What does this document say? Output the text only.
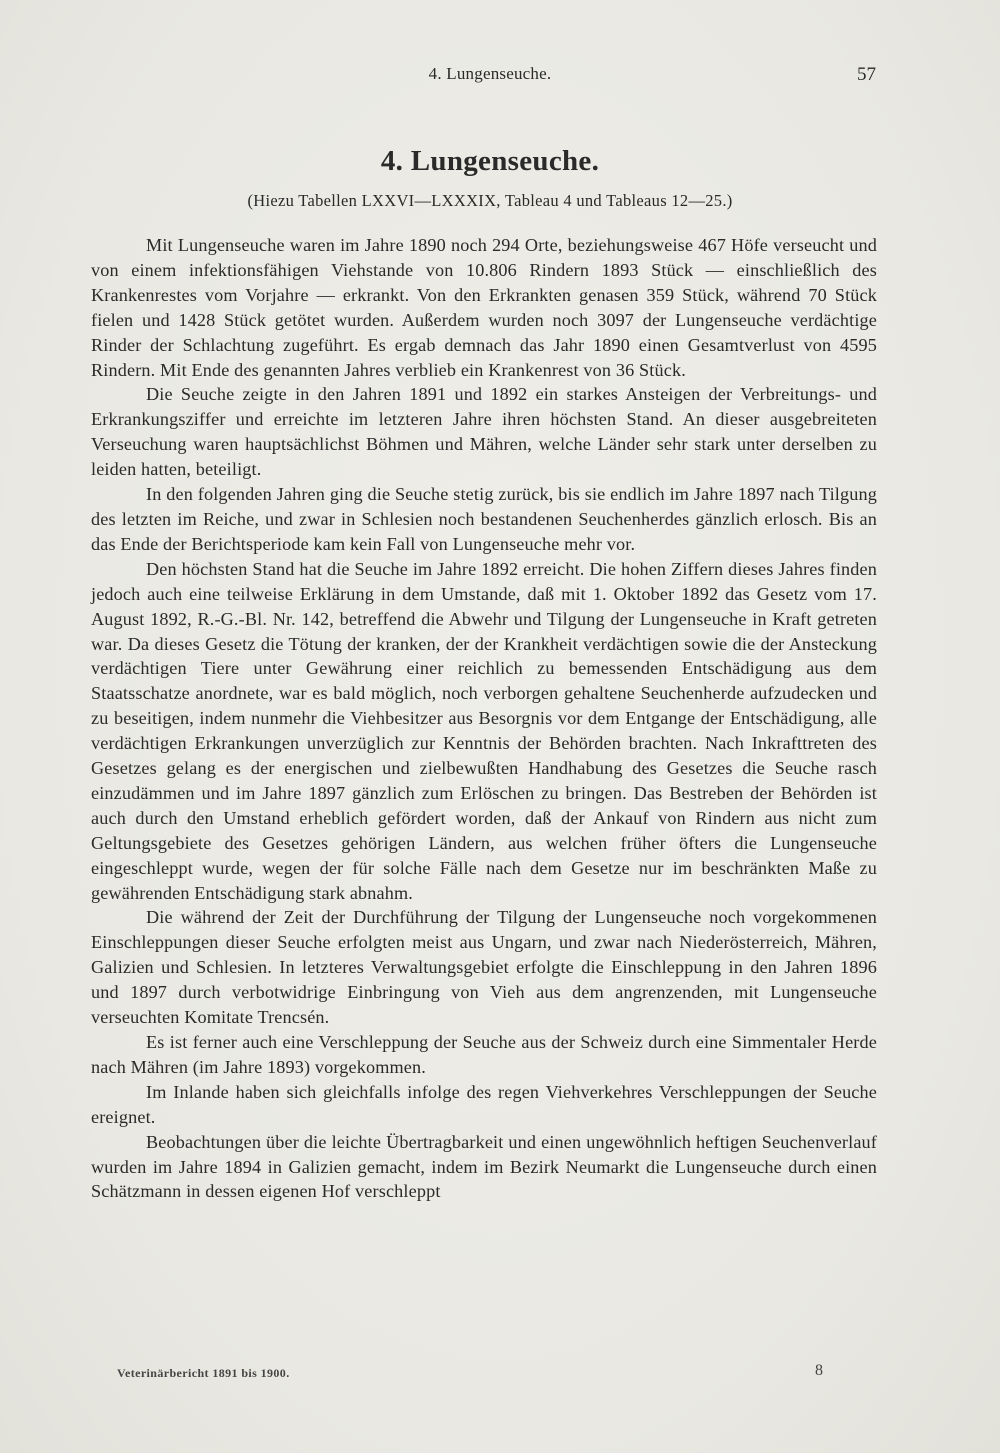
4. Lungenseuche.	57
4. Lungenseuche.
(Hiezu Tabellen LXXVI—LXXXIX, Tableau 4 und Tableaus 12—25.)

Mit Lungenseuche waren im Jahre 1890 noch 294 Orte, beziehungsweise 467 Höfe verseucht und von einem infektionsfähigen Viehstande von 10.806 Rindern 1893 Stück — einschließlich des Krankenrestes vom Vorjahre — erkrankt. Von den Erkrankten genasen 359 Stück, während 70 Stück fielen und 1428 Stück getötet wurden. Außerdem wurden noch 3097 der Lungenseuche verdächtige Rinder der Schlachtung zugeführt. Es ergab demnach das Jahr 1890 einen Gesamtverlust von 4595 Rindern. Mit Ende des genannten Jahres verblieb ein Krankenrest von 36 Stück.

Die Seuche zeigte in den Jahren 1891 und 1892 ein starkes Ansteigen der Verbreitungs- und Erkrankungsziffer und erreichte im letzteren Jahre ihren höchsten Stand. An dieser ausgebreiteten Verseuchung waren hauptsächlichst Böhmen und Mähren, welche Länder sehr stark unter derselben zu leiden hatten, beteiligt.

In den folgenden Jahren ging die Seuche stetig zurück, bis sie endlich im Jahre 1897 nach Tilgung des letzten im Reiche, und zwar in Schlesien noch bestandenen Seuchenherdes gänzlich erlosch. Bis an das Ende der Berichtsperiode kam kein Fall von Lungenseuche mehr vor.

Den höchsten Stand hat die Seuche im Jahre 1892 erreicht. Die hohen Ziffern dieses Jahres finden jedoch auch eine teilweise Erklärung in dem Umstande, daß mit 1. Oktober 1892 das Gesetz vom 17. August 1892, R.-G.-Bl. Nr. 142, betreffend die Abwehr und Tilgung der Lungenseuche in Kraft getreten war. Da dieses Gesetz die Tötung der kranken, der der Krankheit verdächtigen sowie die der Ansteckung verdächtigen Tiere unter Gewährung einer reichlich zu bemessenden Entschädigung aus dem Staatsschatze anordnete, war es bald möglich, noch verborgen gehaltene Seuchenherde aufzudecken und zu beseitigen, indem nunmehr die Viehbesitzer aus Besorgnis vor dem Entgange der Entschädigung, alle verdächtigen Erkrankungen unverzüglich zur Kenntnis der Behörden brachten. Nach Inkrafttreten des Gesetzes gelang es der energischen und zielbewußten Handhabung des Gesetzes die Seuche rasch einzudämmen und im Jahre 1897 gänzlich zum Erlöschen zu bringen. Das Bestreben der Behörden ist auch durch den Umstand erheblich gefördert worden, daß der Ankauf von Rindern aus nicht zum Geltungsgebiete des Gesetzes gehörigen Ländern, aus welchen früher öfters die Lungenseuche eingeschleppt wurde, wegen der für solche Fälle nach dem Gesetze nur im beschränkten Maße zu gewährenden Entschädigung stark abnahm.

Die während der Zeit der Durchführung der Tilgung der Lungenseuche noch vorgekommenen Einschleppungen dieser Seuche erfolgten meist aus Ungarn, und zwar nach Niederösterreich, Mähren, Galizien und Schlesien. In letzteres Verwaltungsgebiet erfolgte die Einschleppung in den Jahren 1896 und 1897 durch verbotwidrige Einbringung von Vieh aus dem angrenzenden, mit Lungenseuche verseuchten Komitate Trencsén.

Es ist ferner auch eine Verschleppung der Seuche aus der Schweiz durch eine Simmentaler Herde nach Mähren (im Jahre 1893) vorgekommen.

Im Inlande haben sich gleichfalls infolge des regen Viehverkehres Verschleppungen der Seuche ereignet.

Beobachtungen über die leichte Übertragbarkeit und einen ungewöhnlich heftigen Seuchenverlauf wurden im Jahre 1894 in Galizien gemacht, indem im Bezirk Neumarkt die Lungenseuche durch einen Schätzmann in dessen eigenen Hof verschleppt

Veterinärbericht 1891 bis 1900.	8
